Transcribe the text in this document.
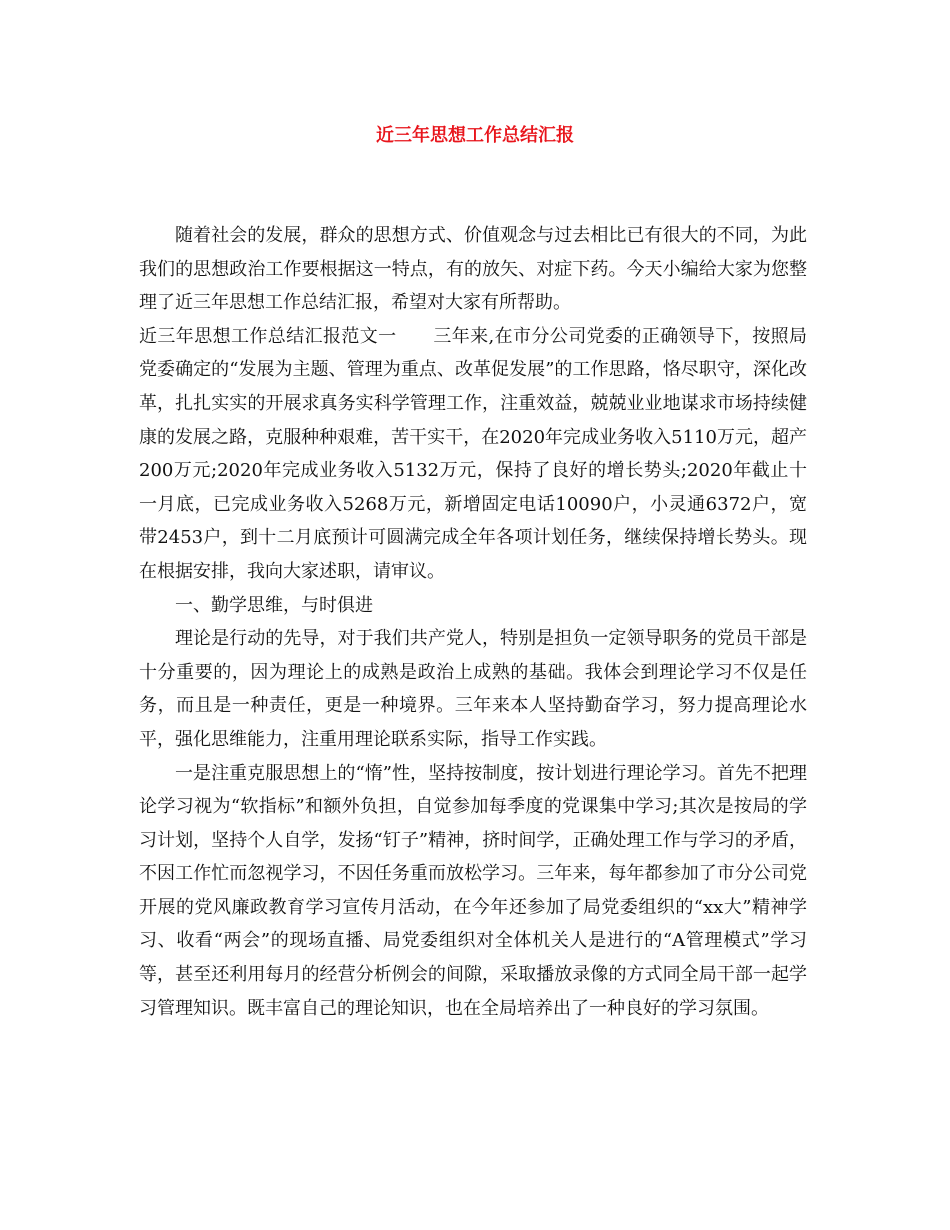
近三年思想工作总结汇报

随着社会的发展，群众的思想方式、价值观念与过去相比已有很大的不同，为此我们的思想政治工作要根据这一特点，有的放矢、对症下药。今天小编给大家为您整理了近三年思想工作总结汇报，希望对大家有所帮助。

近三年思想工作总结汇报范文一　　三年来,在市分公司党委的正确领导下，按照局党委确定的“发展为主题、管理为重点、改革促发展”的工作思路，恪尽职守，深化改革，扎扎实实的开展求真务实科学管理工作，注重效益，兢兢业业地谋求市场持续健康的发展之路，克服种种艰难，苦干实干，在2020年完成业务收入5110万元，超产200万元;2020年完成业务收入5132万元，保持了良好的增长势头;2020年截止十一月底，已完成业务收入5268万元，新增固定电话10090户，小灵通6372户，宽带2453户，到十二月底预计可圆满完成全年各项计划任务，继续保持增长势头。现在根据安排，我向大家述职，请审议。

一、勤学思维，与时俱进

理论是行动的先导，对于我们共产党人，特别是担负一定领导职务的党员干部是十分重要的，因为理论上的成熟是政治上成熟的基础。我体会到理论学习不仅是任务，而且是一种责任，更是一种境界。三年来本人坚持勤奋学习，努力提高理论水平，强化思维能力，注重用理论联系实际，指导工作实践。

一是注重克服思想上的“惰”性，坚持按制度，按计划进行理论学习。首先不把理论学习视为“软指标”和额外负担，自觉参加每季度的党课集中学习;其次是按局的学习计划，坚持个人自学，发扬“钉子”精神，挤时间学，正确处理工作与学习的矛盾，不因工作忙而忽视学习，不因任务重而放松学习。三年来，每年都参加了市分公司党开展的党风廉政教育学习宣传月活动，在今年还参加了局党委组织的“xx大”精神学习、收看“两会”的现场直播、局党委组织对全体机关人是进行的“A管理模式”学习等，甚至还利用每月的经营分析例会的间隙，采取播放录像的方式同全局干部一起学习管理知识。既丰富自己的理论知识，也在全局培养出了一种良好的学习氛围。
